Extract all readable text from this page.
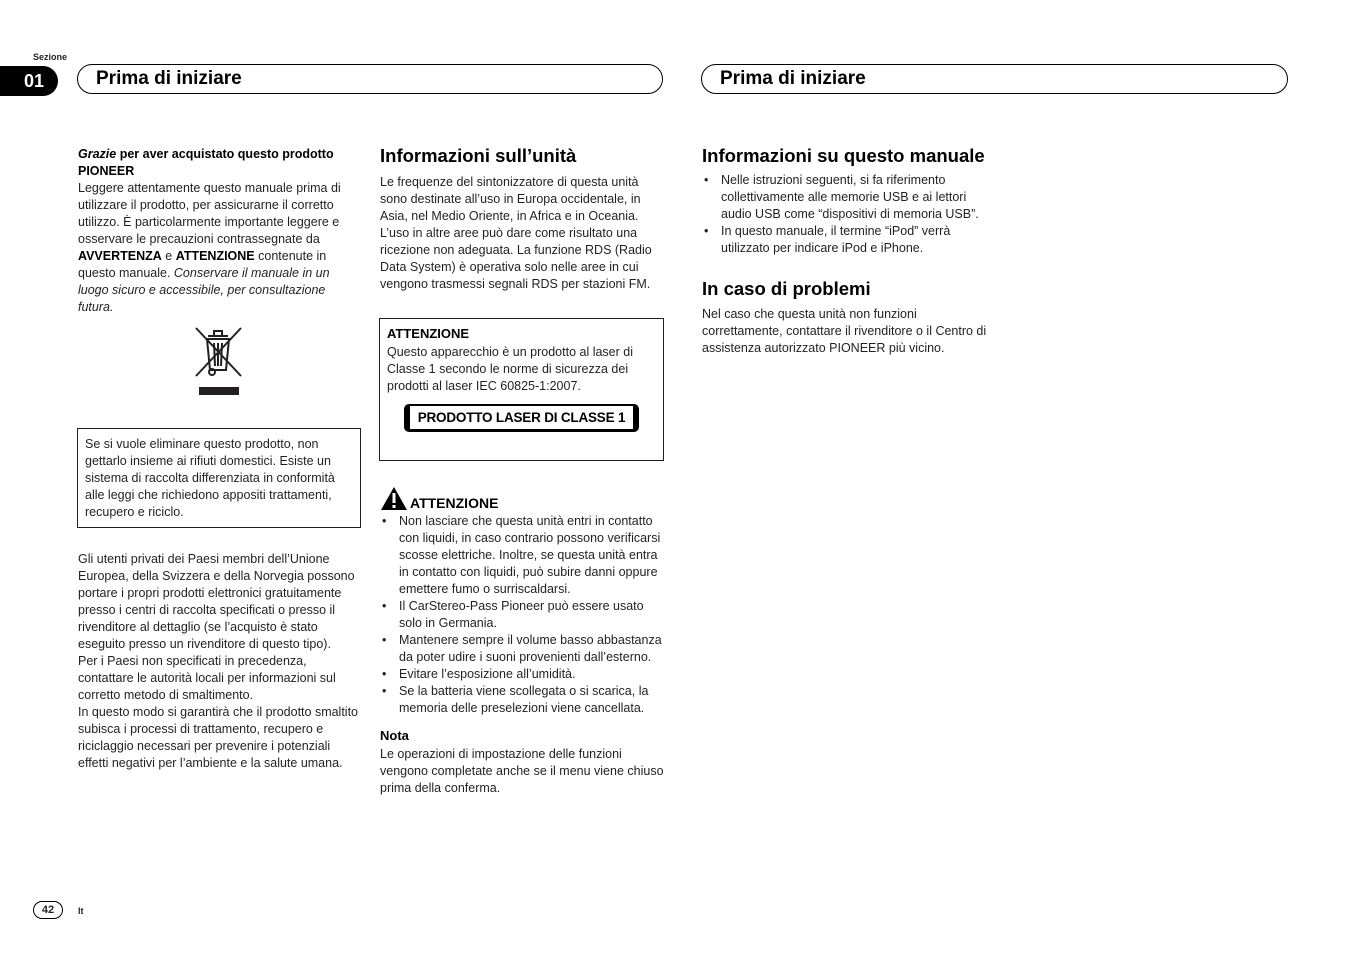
Sezione
01	Prima di iniziare	Prima di iniziare

Grazie per aver acquistato questo prodotto
PIONEER

Leggere attentamente questo manuale prima di utilizzare il prodotto, per assicurarne il corretto utilizzo. È particolarmente importante leggere e osservare le precauzioni contrassegnate da AVVERTENZA e ATTENZIONE contenute in questo manuale. Conservare il manuale in un luogo sicuro e accessibile, per consultazione futura.

Se si vuole eliminare questo prodotto, non gettarlo insieme ai rifiuti domestici. Esiste un sistema di raccolta differenziata in conformità alle leggi che richiedono appositi trattamenti, recupero e riciclo.

Gli utenti privati dei Paesi membri dell’Unione Europea, della Svizzera e della Norvegia possono portare i propri prodotti elettronici gratuitamente presso i centri di raccolta specificati o presso il rivenditore al dettaglio (se l’acquisto è stato eseguito presso un rivenditore di questo tipo).

Per i Paesi non specificati in precedenza, contattare le autorità locali per informazioni sul corretto metodo di smaltimento.

In questo modo si garantirà che il prodotto smaltito subisca i processi di trattamento, recupero e riciclaggio necessari per prevenire i potenziali effetti negativi per l’ambiente e la salute umana.

Informazioni sull’unità

Le frequenze del sintonizzatore di questa unità sono destinate all’uso in Europa occidentale, in Asia, nel Medio Oriente, in Africa e in Oceania. L’uso in altre aree può dare come risultato una ricezione non adeguata. La funzione RDS (Radio Data System) è operativa solo nelle aree in cui vengono trasmessi segnali RDS per stazioni FM.

ATTENZIONE

Questo apparecchio è un prodotto al laser di Classe 1 secondo le norme di sicurezza dei prodotti al laser IEC 60825-1:2007.

PRODOTTO LASER DI CLASSE 1
ATTENZIONE
• Non lasciare che questa unità entri in contatto con liquidi, in caso contrario possono verificarsi scosse elettriche. Inoltre, se questa unità entra in contatto con liquidi, può subire danni oppure emettere fumo o surriscaldarsi.
• Il CarStereo-Pass Pioneer può essere usato solo in Germania.
• Mantenere sempre il volume basso abbastanza da poter udire i suoni provenienti dall’esterno.
• Evitare l’esposizione all’umidità.
• Se la batteria viene scollegata o si scarica, la memoria delle preselezioni viene cancellata.
Nota

Le operazioni di impostazione delle funzioni vengono completate anche se il menu viene chiuso prima della conferma.

Informazioni su questo manuale
• Nelle istruzioni seguenti, si fa riferimento collettivamente alle memorie USB e ai lettori audio USB come “dispositivi di memoria USB”.
• In questo manuale, il termine “iPod” verrà utilizzato per indicare iPod e iPhone.
In caso di problemi

Nel caso che questa unità non funzioni correttamente, contattare il rivenditore o il Centro di assistenza autorizzato PIONEER più vicino.

42	It
